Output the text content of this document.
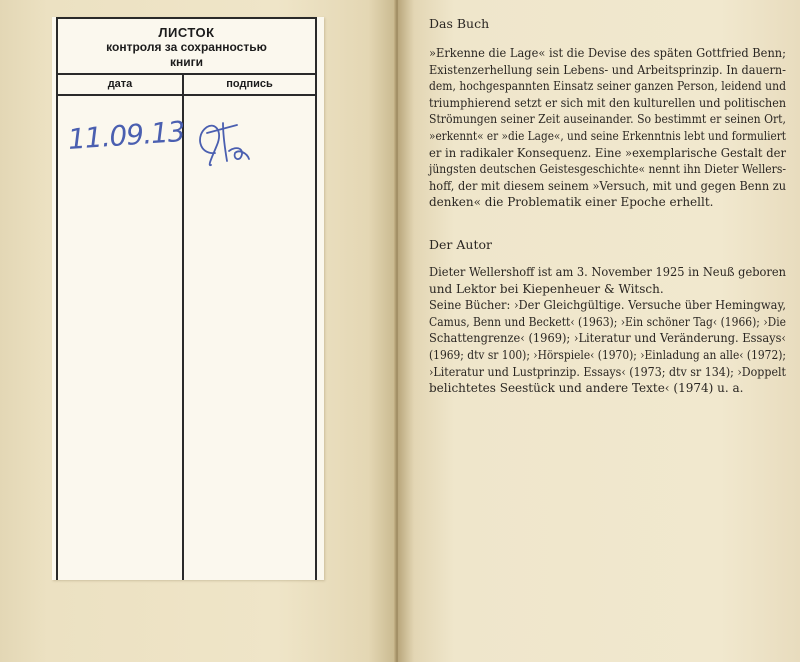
ЛИСТОК
контроля за сохранностью
книги
дата	подпись
11.09.13
Das Buch
»Erkenne die Lage« ist die Devise des späten Gottfried Benn;
Existenzerhellung sein Lebens- und Arbeitsprinzip. In dauern-
dem, hochgespannten Einsatz seiner ganzen Person, leidend und
triumphierend setzt er sich mit den kulturellen und politischen
Strömungen seiner Zeit auseinander. So bestimmt er seinen Ort,
»erkennt« er »die Lage«, und seine Erkenntnis lebt und formuliert
er in radikaler Konsequenz. Eine »exemplarische Gestalt der
jüngsten deutschen Geistesgeschichte« nennt ihn Dieter Wellers-
hoff, der mit diesem seinem »Versuch, mit und gegen Benn zu
denken« die Problematik einer Epoche erhellt.
Der Autor
Dieter Wellershoff ist am 3. November 1925 in Neuß geboren
und Lektor bei Kiepenheuer & Witsch.
Seine Bücher: ›Der Gleichgültige. Versuche über Hemingway,
Camus, Benn und Beckett‹ (1963); ›Ein schöner Tag‹ (1966); ›Die
Schattengrenze‹ (1969); ›Literatur und Veränderung. Essays‹
(1969; dtv sr 100); ›Hörspiele‹ (1970); ›Einladung an alle‹ (1972);
›Literatur und Lustprinzip. Essays‹ (1973; dtv sr 134); ›Doppelt
belichtetes Seestück und andere Texte‹ (1974) u. a.
